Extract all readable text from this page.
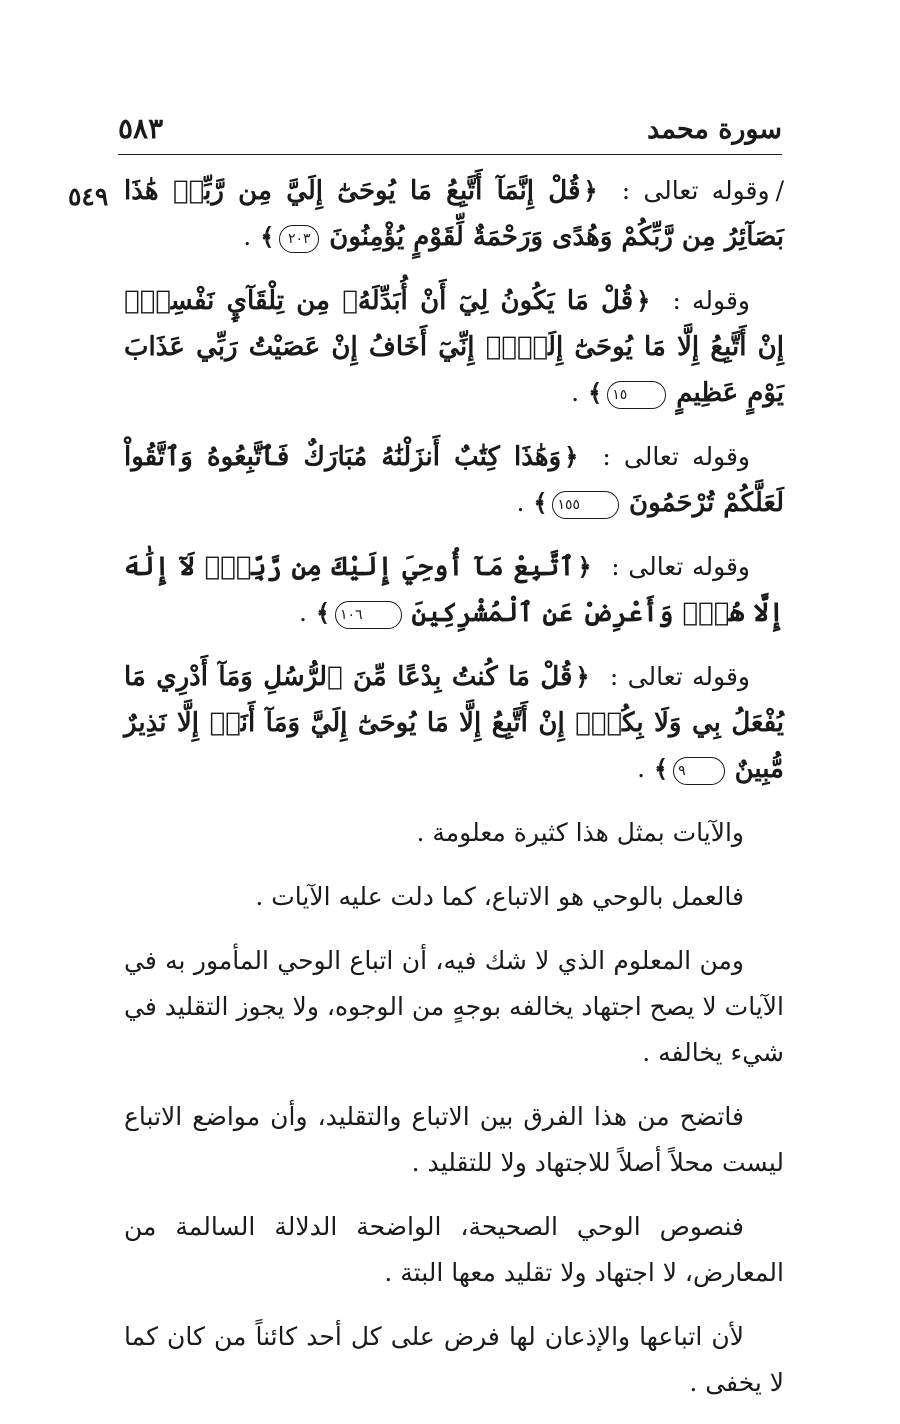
سورة محمد
٥٨٣
٥٤٩	/وقوله تعالى : ﴿قُلْ إِنَّمَآ أَتَّبِعُ مَا يُوحَىٰٓ إِلَيَّ مِن رَّبِّيۚ هَٰذَا بَصَآئِرُ مِن رَّبِّكُمْ وَهُدًى وَرَحْمَةٌ لِّقَوْمٍ يُؤْمِنُونَ ٢٠٣﴾.

وقوله : ﴿قُلْ مَا يَكُونُ لِيٓ أَنْ أُبَدِّلَهُۥ مِن تِلْقَآيِٕ نَفْسِيٓۖ إِنْ أَتَّبِعُ إِلَّا مَا يُوحَىٰٓ إِلَيَّۖ إِنِّيٓ أَخَافُ إِنْ عَصَيْتُ رَبِّي عَذَابَ يَوْمٍ عَظِيمٍ ١٥﴾.

وقوله تعالى : ﴿وَهَٰذَا كِتَٰبٌ أَنزَلْنَٰهُ مُبَارَكٌ فَٱتَّبِعُوهُ وَٱتَّقُواْ لَعَلَّكُمْ تُرْحَمُونَ ١٥٥﴾.

وقوله تعالى : ﴿ٱتَّبِعْ مَآ أُوحِيَ إِلَيْكَ مِن رَّبِّكَۖ لَآ إِلَٰهَ إِلَّا هُوَۖ وَأَعْرِضْ عَنِ ٱلْمُشْرِكِينَ ١٠٦﴾.

وقوله تعالى : ﴿قُلْ مَا كُنتُ بِدْعًا مِّنَ ٱلرُّسُلِ وَمَآ أَدْرِي مَا يُفْعَلُ بِي وَلَا بِكُمْۖ إِنْ أَتَّبِعُ إِلَّا مَا يُوحَىٰٓ إِلَيَّ وَمَآ أَنَا۠ إِلَّا نَذِيرٌ مُّبِينٌ ٩﴾.

والآيات بمثل هذا كثيرة معلومة .

فالعمل بالوحي هو الاتباع، كما دلت عليه الآيات .

ومن المعلوم الذي لا شك فيه، أن اتباع الوحي المأمور به في الآيات لا يصح اجتهاد يخالفه بوجهٍ من الوجوه، ولا يجوز التقليد في شيء يخالفه .

فاتضح من هذا الفرق بين الاتباع والتقليد، وأن مواضع الاتباع ليست محلاً أصلاً للاجتهاد ولا للتقليد .

فنصوص الوحي الصحيحة، الواضحة الدلالة السالمة من المعارض، لا اجتهاد ولا تقليد معها البتة .

لأن اتباعها والإذعان لها فرض على كل أحد كائناً من كان كما لا يخفى .
